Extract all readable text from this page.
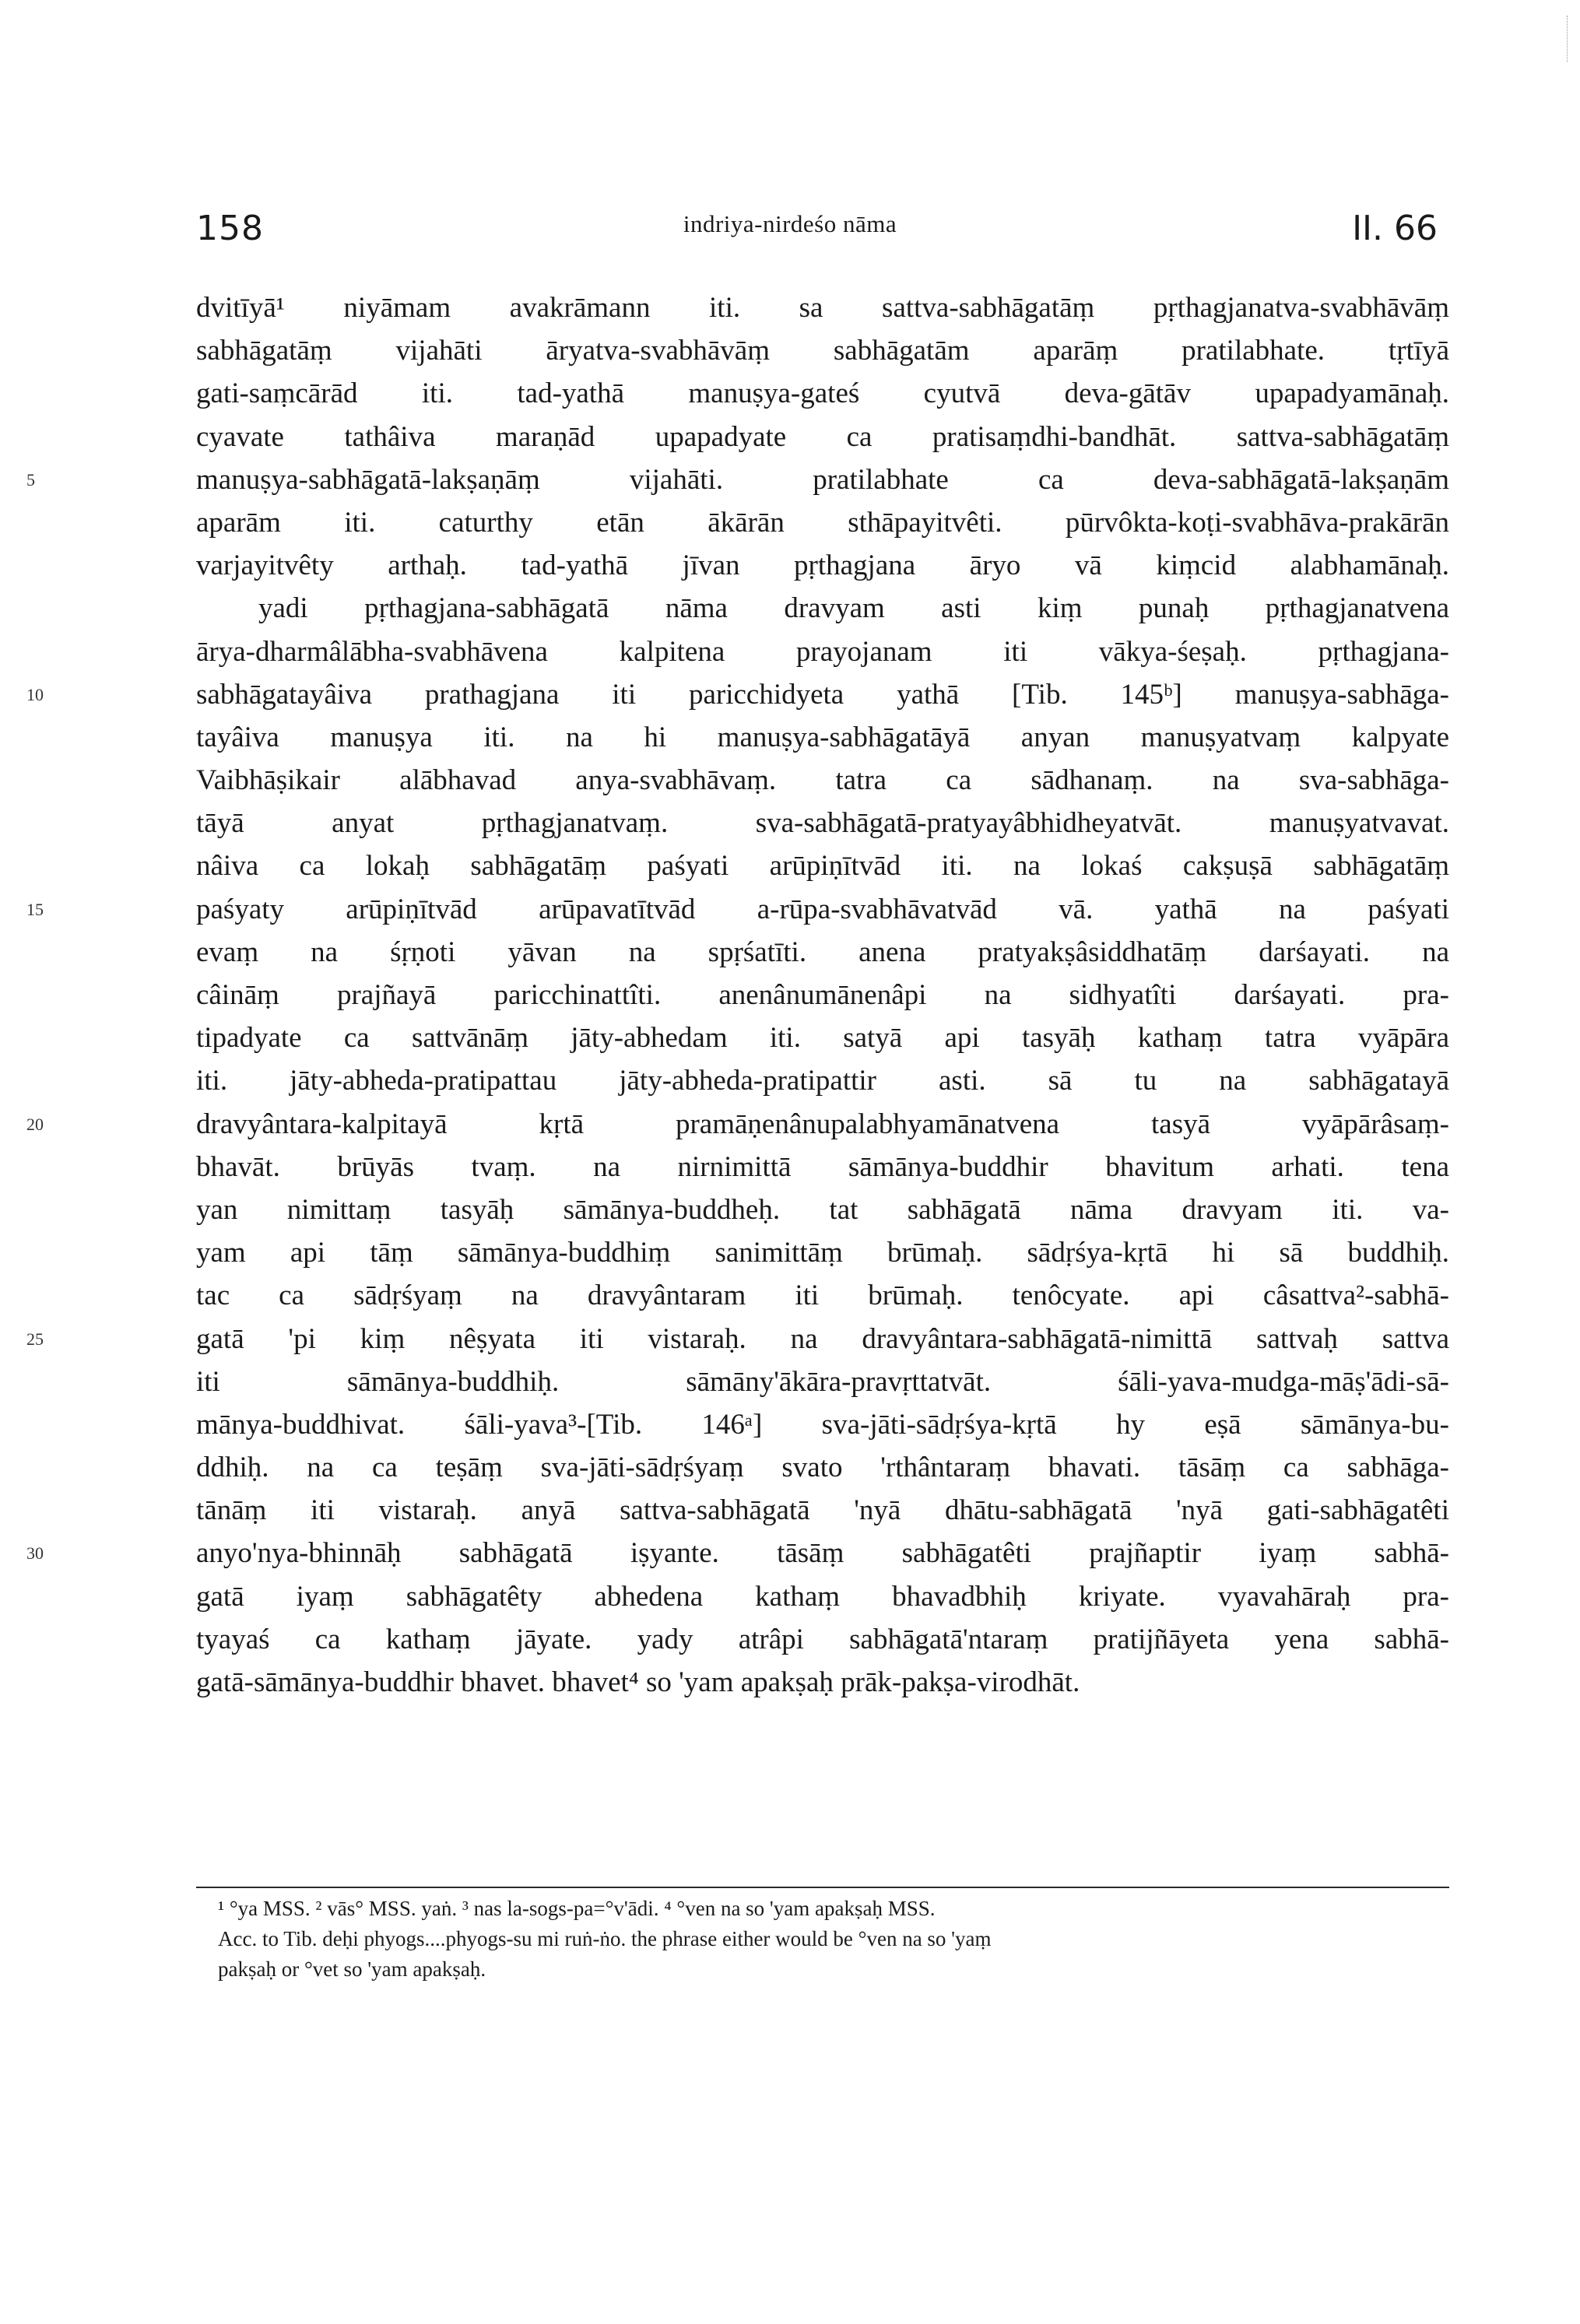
158	indriya-nirdeśo nāma	II. 66
dvitīyā¹ niyāmam avakrāmann iti. sa sattva-sabhāgatāṃ pṛthagjanatva-svabhāvāṃ
sabhāgatāṃ vijahāti āryatva-svabhāvāṃ sabhāgatām aparāṃ pratilabhate. tṛtīyā
gati-saṃcārād iti. tad-yathā manuṣya-gateś cyutvā deva-gātāv upapadyamānaḥ.
cyavate tathâiva maraṇād upapadyate ca pratisaṃdhi-bandhāt. sattva-sabhāgatāṃ
manuṣya-sabhāgatā-lakṣaṇāṃ vijahāti. pratilabhate ca deva-sabhāgatā-lakṣaṇām
5
aparām iti. caturthy etān ākārān sthāpayitvêti. pūrvôkta-koṭi-svabhāva-prakārān
varjayitvêty arthaḥ. tad-yathā jīvan pṛthagjana āryo vā kiṃcid alabhamānaḥ.
yadi pṛthagjana-sabhāgatā nāma dravyam asti kiṃ punaḥ pṛthagjanatvena
ārya-dharmâlābha-svabhāvena kalpitena prayojanam iti vākya-śeṣaḥ. pṛthagjana-
sabhāgatayâiva prathagjana iti paricchidyeta yathā [Tib. 145ᵇ] manuṣya-sabhāga-
10
tayâiva manuṣya iti. na hi manuṣya-sabhāgatāyā anyan manuṣyatvaṃ kalpyate
Vaibhāṣikair alābhavad anya-svabhāvaṃ. tatra ca sādhanaṃ. na sva-sabhāga-
tāyā anyat pṛthagjanatvaṃ. sva-sabhāgatā-pratyayâbhidheyatvāt. manuṣyatvavat.
nâiva ca lokaḥ sabhāgatāṃ paśyati arūpiṇītvād iti. na lokaś cakṣuṣā sabhāgatāṃ
paśyaty arūpiṇītvād arūpavatītvād a-rūpa-svabhāvatvād vā. yathā na paśyati
15
evaṃ na śṛṇoti yāvan na spṛśatīti. anena pratyakṣâsiddhatāṃ darśayati. na
câināṃ prajñayā paricchinattîti. anenânumānenâpi na sidhyatîti darśayati. pra-
tipadyate ca sattvānāṃ jāty-abhedam iti. satyā api tasyāḥ kathaṃ tatra vyāpāra
iti. jāty-abheda-pratipattau jāty-abheda-pratipattir asti. sā tu na sabhāgatayā
dravyântara-kalpitayā kṛtā pramāṇenânupalabhyamānatvena tasyā vyāpārâsaṃ-
20
bhavāt. brūyās tvaṃ. na nirnimittā sāmānya-buddhir bhavitum arhati. tena
yan nimittaṃ tasyāḥ sāmānya-buddheḥ. tat sabhāgatā nāma dravyam iti. va-
yam api tāṃ sāmānya-buddhiṃ sanimittāṃ brūmaḥ. sādṛśya-kṛtā hi sā buddhiḥ.
tac ca sādṛśyaṃ na dravyântaram iti brūmaḥ. tenôcyate. api câsattva²-sabhā-
gatā 'pi kiṃ nêṣyata iti vistaraḥ. na dravyântara-sabhāgatā-nimittā sattvaḥ sattva
25
iti sāmānya-buddhiḥ. sāmāny'ākāra-pravṛttatvāt. śāli-yava-mudga-māṣ'ādi-sā-
mānya-buddhivat. śāli-yava³-[Tib. 146ᵃ] sva-jāti-sādṛśya-kṛtā hy eṣā sāmānya-bu-
ddhiḥ. na ca teṣāṃ sva-jāti-sādṛśyaṃ svato 'rthântaraṃ bhavati. tāsāṃ ca sabhāga-
tānāṃ iti vistaraḥ. anyā sattva-sabhāgatā 'nyā dhātu-sabhāgatā 'nyā gati-sabhāgatêti
anyo'nya-bhinnāḥ sabhāgatā iṣyante. tāsāṃ sabhāgatêti prajñaptir iyaṃ sabhā-
30
gatā iyaṃ sabhāgatêty abhedena kathaṃ bhavadbhiḥ kriyate. vyavahāraḥ pra-
tyayaś ca kathaṃ jāyate. yady atrâpi sabhāgatā'ntaraṃ pratijñāyeta yena sabhā-
gatā-sāmānya-buddhir bhavet. bhavet⁴ so 'yam apakṣaḥ prāk-pakṣa-virodhāt.
¹ °ya MSS. ² vās° MSS. yaṅ. ³ nas la-sogs-pa=°v'ādi. ⁴ °ven na so 'yam apakṣaḥ MSS.
Acc. to Tib. deḥi phyogs....phyogs-su mi ruṅ-ṅo. the phrase either would be °ven na so 'yaṃ
pakṣaḥ or °vet so 'yam apakṣaḥ.
